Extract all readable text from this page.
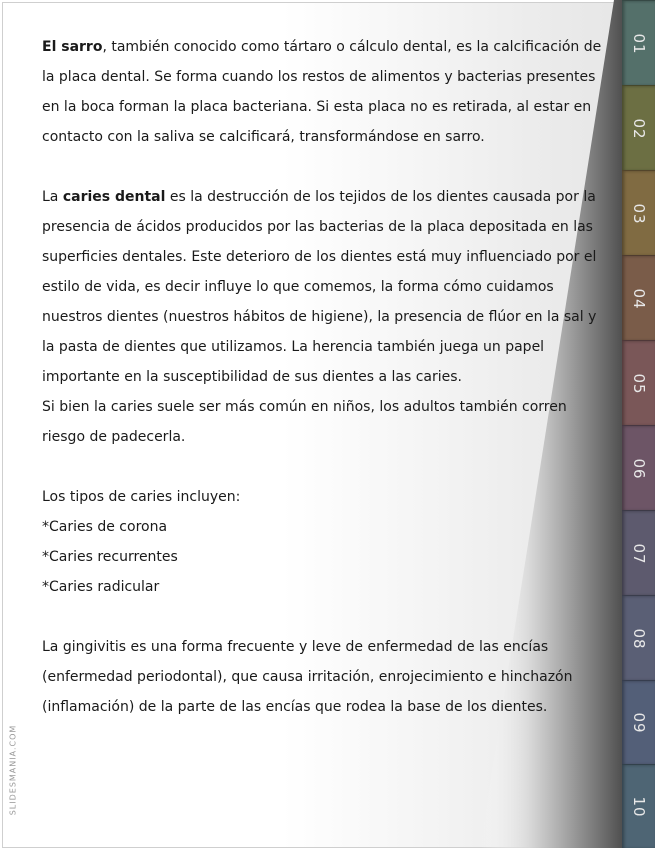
El sarro, también conocido como tártaro o cálculo dental, es la calcificación de la placa dental. Se forma cuando los restos de alimentos y bacterias presentes en la boca forman la placa bacteriana. Si esta placa no es retirada, al estar en contacto con la saliva se calcificará, transformándose en sarro.

La caries dental es la destrucción de los tejidos de los dientes causada por la presencia de ácidos producidos por las bacterias de la placa depositada en las superficies dentales. Este deterioro de los dientes está muy influenciado por el estilo de vida, es decir influye lo que comemos, la forma cómo cuidamos nuestros dientes (nuestros hábitos de higiene), la presencia de flúor en la sal y la pasta de dientes que utilizamos. La herencia también juega un papel importante en la susceptibilidad de sus dientes a las caries.

Si bien la caries suele ser más común en niños, los adultos también corren riesgo de padecerla.

Los tipos de caries incluyen:

*Caries de corona

*Caries recurrentes

*Caries radicular

La gingivitis es una forma frecuente y leve de enfermedad de las encías (enfermedad periodontal), que causa irritación, enrojecimiento e hinchazón (inflamación) de la parte de las encías que rodea la base de los dientes.

01
02
03
04
05
06
07
08
09
10
SLIDESMANIA.COM
